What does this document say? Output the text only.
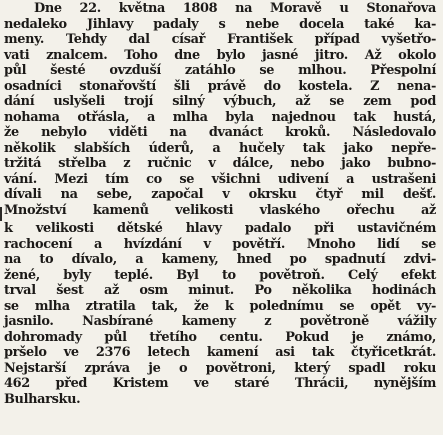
Dne 22. května 1808 na Moravě u Stonařova
nedaleko Jihlavy padaly s nebe docela také ka-
meny. Tehdy dal císař František případ vyšetřo-
vati znalcem. Toho dne bylo jasné jitro. Až okolo
půl šesté ovzduší zatáhlo se mlhou. Přespolní
osadníci stonařovští šli právě do kostela. Z nena-
dání uslyšeli trojí silný výbuch, až se zem pod
nohama otřásla, a mlha byla najednou tak hustá,
že nebylo viděti na dvanáct kroků. Následovalo
několik slabších úderů, a hučely tak jako nepře-
tržitá střelba z ručnic v dálce, nebo jako bubno-
vání. Mezi tím co se všichni udivení a ustrašeni
dívali na sebe, započal v okrsku čtyř mil dešť.
Množství kamenů velikosti vlaského ořechu až
k velikosti dětské hlavy padalo při ustavičném
rachocení a hvízdání v povětří. Mnoho lidí se
na to dívalo, a kameny, hned po spadnutí zdvi-
žené, byly teplé. Byl to povětroň. Celý efekt
trval šest až osm minut. Po několika hodinách
se mlha ztratila tak, že k polednímu se opět vy-
jasnilo. Nasbírané kameny z povětroně vážily
dohromady půl třetího centu. Pokud je známo,
pršelo ve 2376 letech kamení asi tak čtyřicetkrát.
Nejstarší zpráva je o povětroni, který spadl roku
462 před Kristem ve staré Thrácii, nynějším
Bulharsku.
